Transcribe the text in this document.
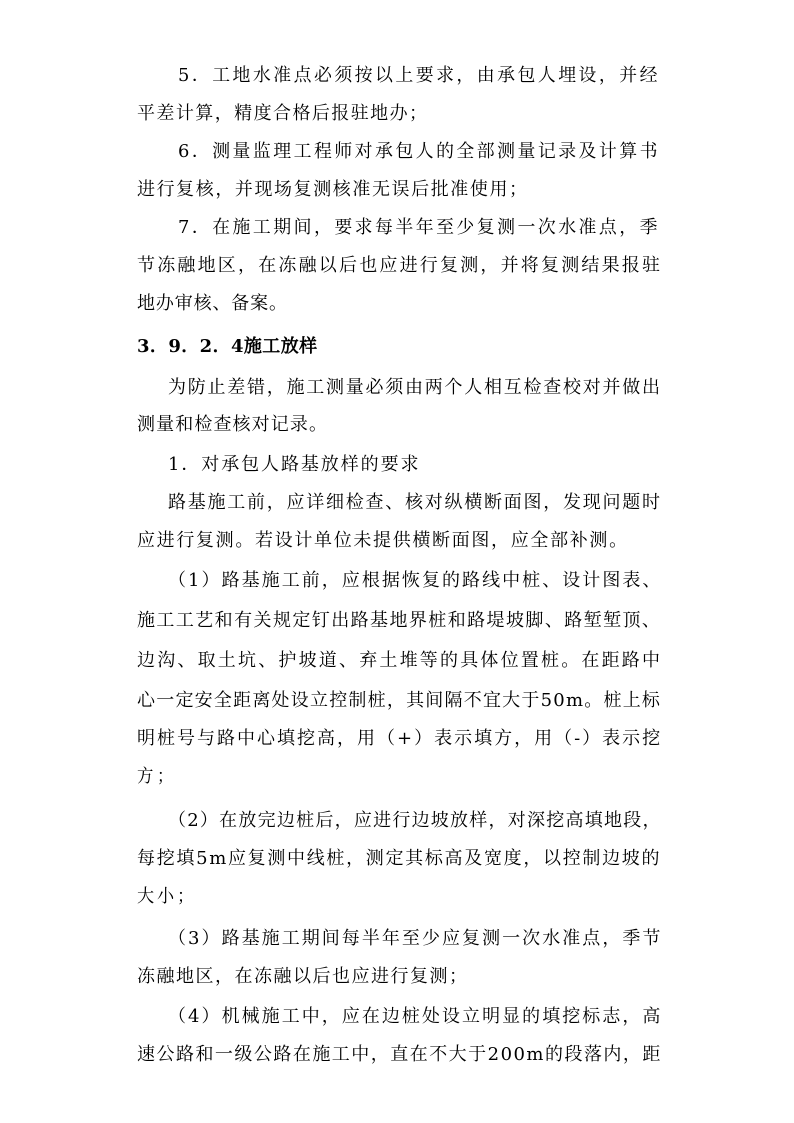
5．工地水准点必须按以上要求，由承包人埋设，并经
平差计算，精度合格后报驻地办；
6．测量监理工程师对承包人的全部测量记录及计算书
进行复核，并现场复测核准无误后批准使用；
7．在施工期间，要求每半年至少复测一次水准点，季
节冻融地区，在冻融以后也应进行复测，并将复测结果报驻
地办审核、备案。
3．9．2．4施工放样
为防止差错，施工测量必须由两个人相互检查校对并做出
测量和检查核对记录。
1．对承包人路基放样的要求
路基施工前，应详细检查、核对纵横断面图，发现问题时
应进行复测。若设计单位未提供横断面图，应全部补测。
（1）路基施工前，应根据恢复的路线中桩、设计图表、
施工工艺和有关规定钉出路基地界桩和路堤坡脚、路堑堑顶、
边沟、取土坑、护坡道、弃土堆等的具体位置桩。在距路中
心一定安全距离处设立控制桩，其间隔不宜大于50m。桩上标
明桩号与路中心填挖高，用（+）表示填方，用（-）表示挖
方；
（2）在放完边桩后，应进行边坡放样，对深挖高填地段，
每挖填5m应复测中线桩，测定其标高及宽度，以控制边坡的
大小；
（3）路基施工期间每半年至少应复测一次水准点，季节
冻融地区，在冻融以后也应进行复测；
（4）机械施工中，应在边桩处设立明显的填挖标志，高
速公路和一级公路在施工中，直在不大于200m的段落内，距
